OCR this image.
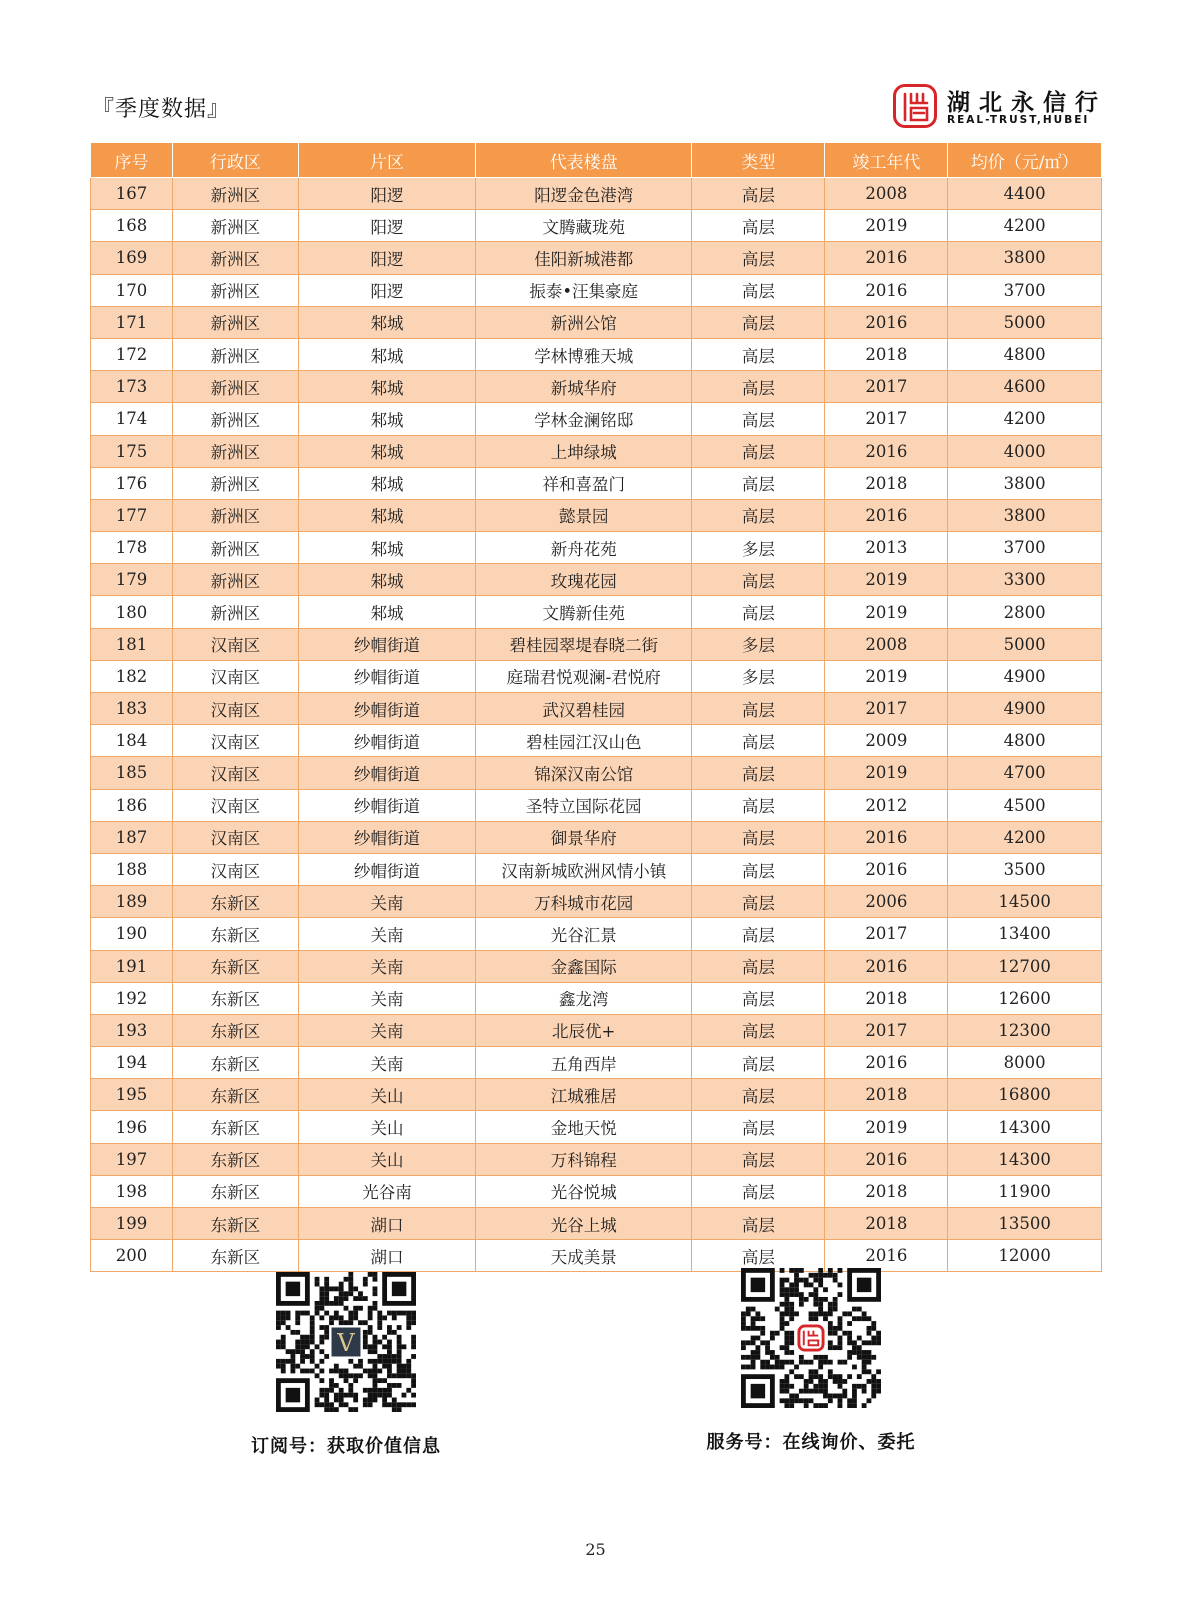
『季度数据』	湖北永信行
REAL-TRUST,HUBEI
序号	行政区	片区	代表楼盘	类型	竣工年代	均价（元/㎡）
167	新洲区	阳逻	阳逻金色港湾	高层	2008	4400
168	新洲区	阳逻	文腾藏珑苑	高层	2019	4200
169	新洲区	阳逻	佳阳新城港都	高层	2016	3800
170	新洲区	阳逻	振泰•汪集豪庭	高层	2016	3700
171	新洲区	邾城	新洲公馆	高层	2016	5000
172	新洲区	邾城	学林博雅天城	高层	2018	4800
173	新洲区	邾城	新城华府	高层	2017	4600
174	新洲区	邾城	学林金澜铭邸	高层	2017	4200
175	新洲区	邾城	上坤绿城	高层	2016	4000
176	新洲区	邾城	祥和喜盈门	高层	2018	3800
177	新洲区	邾城	懿景园	高层	2016	3800
178	新洲区	邾城	新舟花苑	多层	2013	3700
179	新洲区	邾城	玫瑰花园	高层	2019	3300
180	新洲区	邾城	文腾新佳苑	高层	2019	2800
181	汉南区	纱帽街道	碧桂园翠堤春晓二街	多层	2008	5000
182	汉南区	纱帽街道	庭瑞君悦观澜-君悦府	多层	2019	4900
183	汉南区	纱帽街道	武汉碧桂园	高层	2017	4900
184	汉南区	纱帽街道	碧桂园江汉山色	高层	2009	4800
185	汉南区	纱帽街道	锦深汉南公馆	高层	2019	4700
186	汉南区	纱帽街道	圣特立国际花园	高层	2012	4500
187	汉南区	纱帽街道	御景华府	高层	2016	4200
188	汉南区	纱帽街道	汉南新城欧洲风情小镇	高层	2016	3500
189	东新区	关南	万科城市花园	高层	2006	14500
190	东新区	关南	光谷汇景	高层	2017	13400
191	东新区	关南	金鑫国际	高层	2016	12700
192	东新区	关南	鑫龙湾	高层	2018	12600
193	东新区	关南	北辰优+	高层	2017	12300
194	东新区	关南	五角西岸	高层	2016	8000
195	东新区	关山	江城雅居	高层	2018	16800
196	东新区	关山	金地天悦	高层	2019	14300
197	东新区	关山	万科锦程	高层	2016	14300
198	东新区	光谷南	光谷悦城	高层	2018	11900
199	东新区	湖口	光谷上城	高层	2018	13500
200	东新区	湖口	天成美景	高层	2016	12000
V
订阅号：获取价值信息	服务号：在线询价、委托
25
